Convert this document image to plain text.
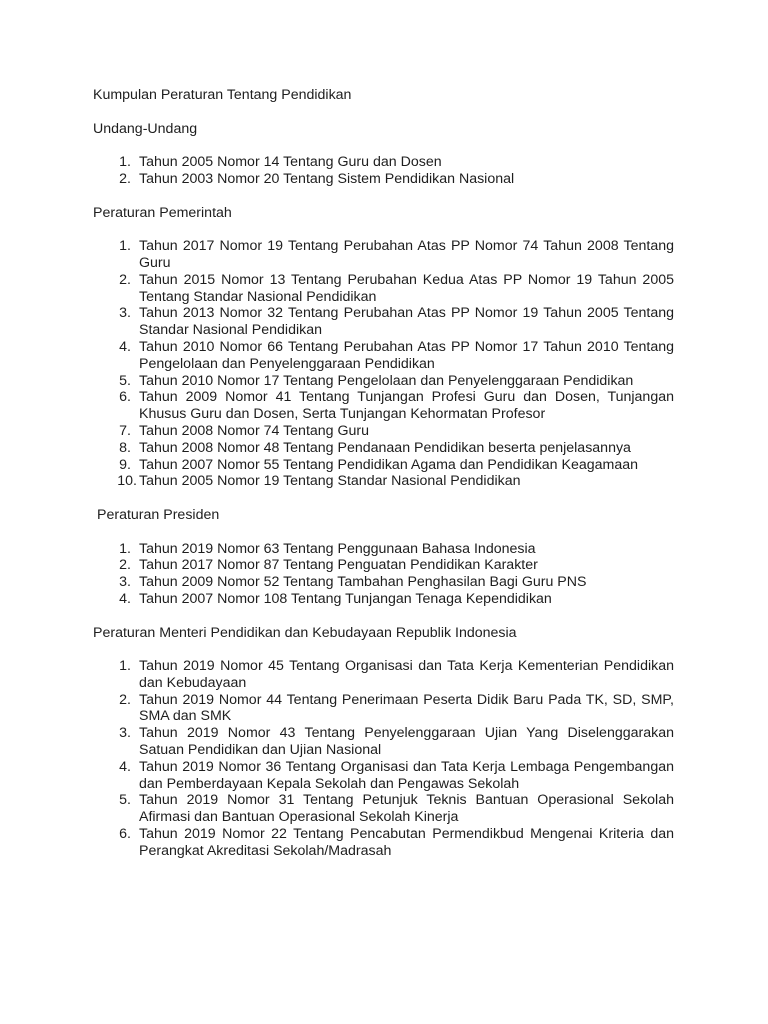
Kumpulan Peraturan Tentang Pendidikan

Undang-Undang

1 . Tahun 2005 Nomor 14 Tentang Guru dan Dosen
2 . Tahun 2003 Nomor 20 Tentang Sistem Pendidikan Nasional

Peraturan Pemerintah

1 . Tahun 2017 Nomor 19 Tentang Perubahan Atas PP Nomor 74 Tahun 2008 Tentang Guru
2 . Tahun 2015 Nomor 13 Tentang Perubahan Kedua Atas PP Nomor 19 Tahun 2005 Tentang Standar Nasional Pendidikan
3 . Tahun 2013 Nomor 32 Tentang Perubahan Atas PP Nomor 19 Tahun 2005 Tentang Standar Nasional Pendidikan
4 . Tahun 2010 Nomor 66 Tentang Perubahan Atas PP Nomor 17 Tahun 2010 Tentang Pengelolaan dan Penyelenggaraan Pendidikan
5 . Tahun 2010 Nomor 17 Tentang Pengelolaan dan Penyelenggaraan Pendidikan
6 . Tahun 2009 Nomor 41 Tentang Tunjangan Profesi Guru dan Dosen, Tunjangan Khusus Guru dan Dosen, Serta Tunjangan Kehormatan Profesor
7 . Tahun 2008 Nomor 74 Tentang Guru
8 . Tahun 2008 Nomor 48 Tentang Pendanaan Pendidikan beserta penjelasannya
9 . Tahun 2007 Nomor 55 Tentang Pendidikan Agama dan Pendidikan Keagamaan
10 . Tahun 2005 Nomor 19 Tentang Standar Nasional Pendidikan

Peraturan Presiden

1 . Tahun 2019 Nomor 63 Tentang Penggunaan Bahasa Indonesia
2 . Tahun 2017 Nomor 87 Tentang Penguatan Pendidikan Karakter
3 . Tahun 2009 Nomor 52 Tentang Tambahan Penghasilan Bagi Guru PNS
4 . Tahun 2007 Nomor 108 Tentang Tunjangan Tenaga Kependidikan

Peraturan Menteri Pendidikan dan Kebudayaan Republik Indonesia

1 . Tahun 2019 Nomor 45 Tentang Organisasi dan Tata Kerja Kementerian Pendidikan dan Kebudayaan
2 . Tahun 2019 Nomor 44 Tentang Penerimaan Peserta Didik Baru Pada TK, SD, SMP, SMA dan SMK
3 . Tahun 2019 Nomor 43 Tentang Penyelenggaraan Ujian Yang Diselenggarakan Satuan Pendidikan dan Ujian Nasional
4 . Tahun 2019 Nomor 36 Tentang Organisasi dan Tata Kerja Lembaga Pengembangan dan Pemberdayaan Kepala Sekolah dan Pengawas Sekolah
5 . Tahun 2019 Nomor 31 Tentang Petunjuk Teknis Bantuan Operasional Sekolah Afirmasi dan Bantuan Operasional Sekolah Kinerja
6 . Tahun 2019 Nomor 22 Tentang Pencabutan Permendikbud Mengenai Kriteria dan Perangkat Akreditasi Sekolah/Madrasah
